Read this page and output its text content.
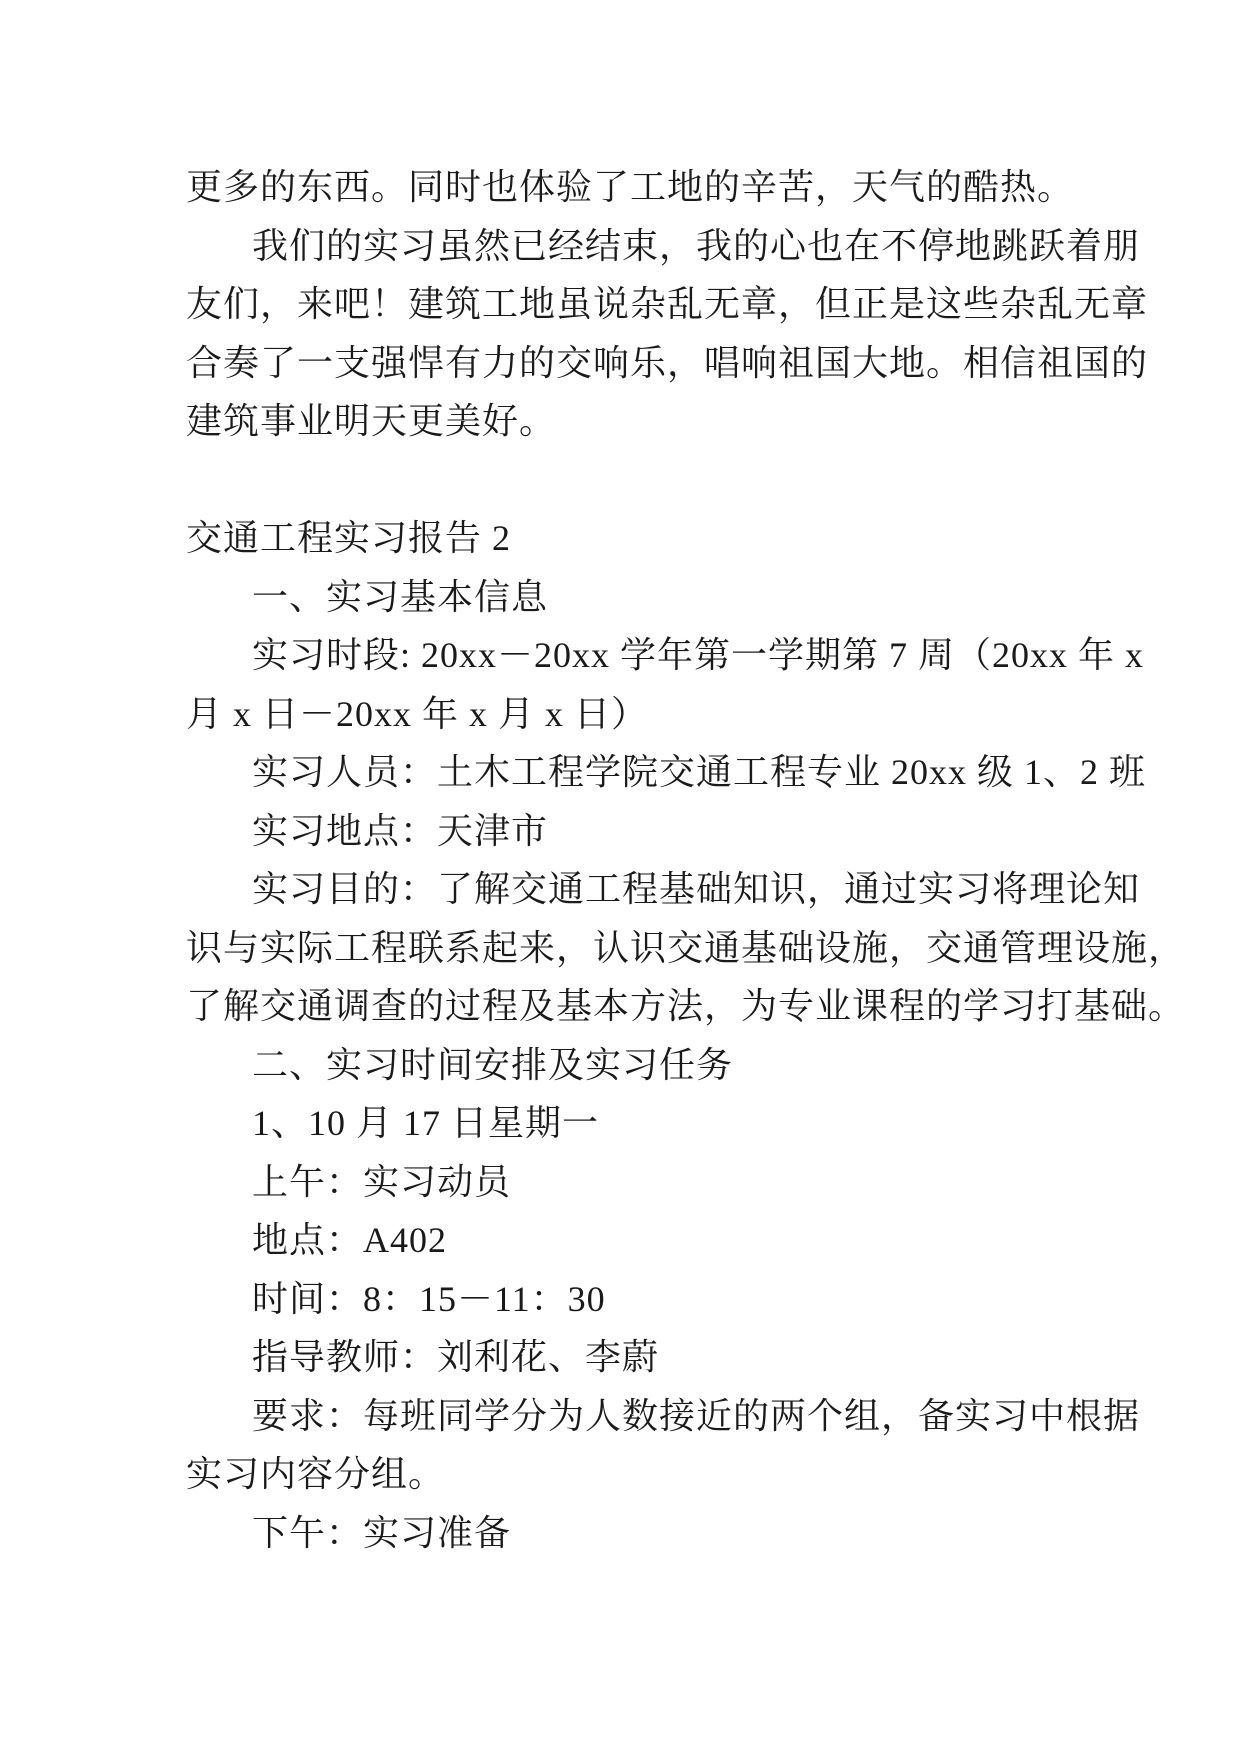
更多的东西。同时也体验了工地的辛苦，天气的酷热。
我们的实习虽然已经结束，我的心也在不停地跳跃着朋
友们，来吧！建筑工地虽说杂乱无章，但正是这些杂乱无章
合奏了一支强悍有力的交响乐，唱响祖国大地。相信祖国的
建筑事业明天更美好。

交通工程实习报告 2
一、实习基本信息
实习时段: 20xx－20xx 学年第一学期第 7 周（20xx 年 x
月 x 日－20xx 年 x 月 x 日）
实习人员：土木工程学院交通工程专业 20xx 级 1、2 班
实习地点：天津市
实习目的：了解交通工程基础知识，通过实习将理论知
识与实际工程联系起来，认识交通基础设施，交通管理设施，
了解交通调查的过程及基本方法，为专业课程的学习打基础。
二、实习时间安排及实习任务
1、10 月 17 日星期一
上午：实习动员
地点：A402
时间：8：15－11：30
指导教师：刘利花、李蔚
要求：每班同学分为人数接近的两个组，备实习中根据
实习内容分组。
下午：实习准备
